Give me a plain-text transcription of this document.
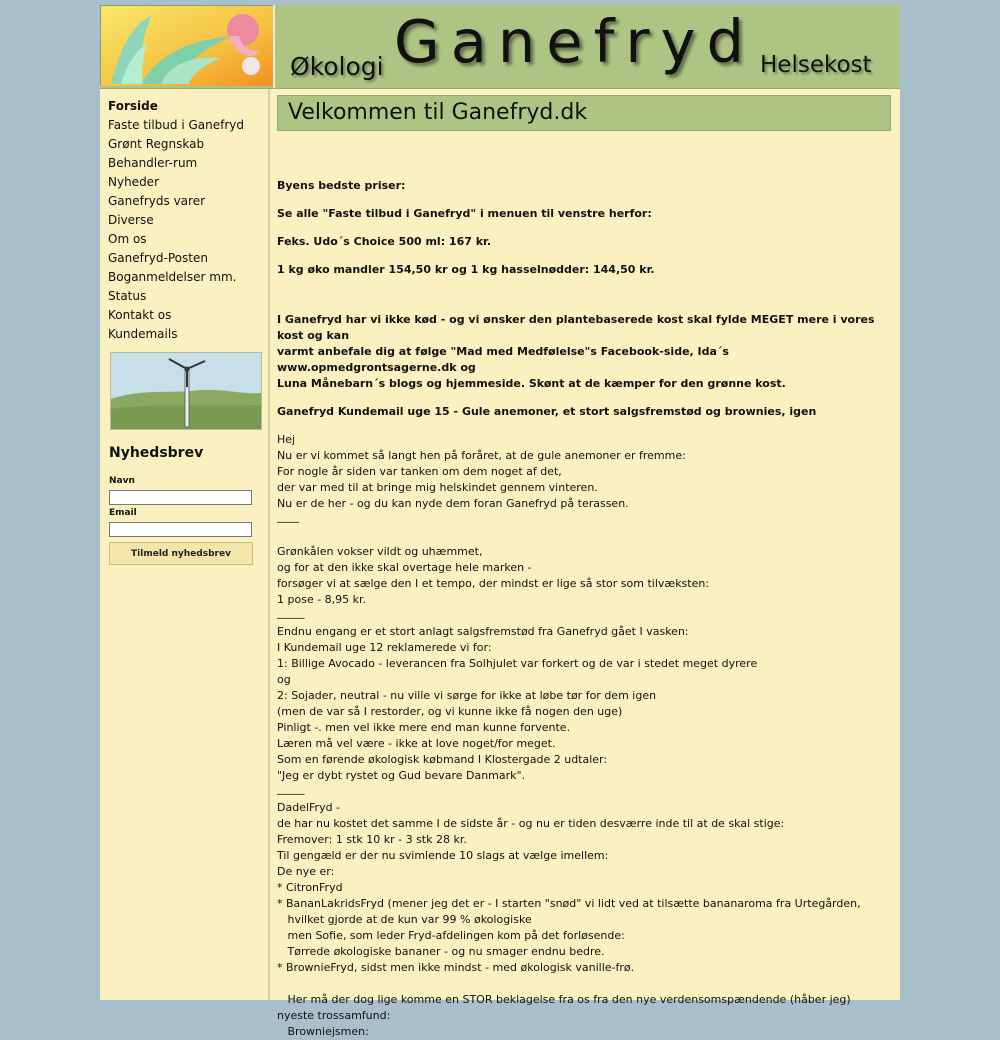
Økologi Ganefryd Helsekost
Forside
Faste tilbud i Ganefryd
Grønt Regnskab
Behandler-rum
Nyheder
Ganefryds varer
Diverse
Om os
Ganefryd-Posten
Boganmeldelser mm.
Status
Kontakt os
Kundemails
Nyhedsbrev
Navn
Email
Tilmeld nyhedsbrev
Velkommen til Ganefryd.dk

Byens bedste priser:

Se alle "Faste tilbud i Ganefryd" i menuen til venstre herfor:

Feks. Udo´s Choice 500 ml: 167 kr.

1 kg øko mandler 154,50 kr og 1 kg hasselnødder: 144,50 kr.

I Ganefryd har vi ikke kød - og vi ønsker den plantebaserede kost skal fylde MEGET mere i vores kost og kan
varmt anbefale dig at følge "Mad med Medfølelse"s Facebook-side, Ida´s www.opmedgrontsagerne.dk og
Luna Månebarn´s blogs og hjemmeside. Skønt at de kæmper for den grønne kost.

Ganefryd Kundemail uge 15 - Gule anemoner, et stort salgsfremstød og brownies, igen

Hej
Nu er vi kommet så langt hen på foråret, at de gule anemoner er fremme:
For nogle år siden var tanken om dem noget af det,
der var med til at bringe mig helskindet gennem vinteren.
Nu er de her - og du kan nyde dem foran Ganefryd på terassen.
____
Grønkålen vokser vildt og uhæmmet,
og for at den ikke skal overtage hele marken -
forsøger vi at sælge den I et tempo, der mindst er lige så stor som tilvæksten:
1 pose - 8,95 kr.
_____
Endnu engang er et stort anlagt salgsfremstød fra Ganefryd gået I vasken:
I Kundemail uge 12 reklamerede vi for:
1: Billige Avocado - leverancen fra Solhjulet var forkert og de var i stedet meget dyrere
og
2: Sojader, neutral - nu ville vi sørge for ikke at løbe tør for dem igen
(men de var så I restorder, og vi kunne ikke få nogen den uge)
Pinligt -. men vel ikke mere end man kunne forvente.
Læren må vel være - ikke at love noget/for meget.
Som en førende økologisk købmand I Klostergade 2 udtaler:
"Jeg er dybt rystet og Gud bevare Danmark".
_____
DadelFryd -
de har nu kostet det samme I de sidste år - og nu er tiden desværre inde til at de skal stige:
Fremover: 1 stk 10 kr - 3 stk 28 kr.
Til gengæld er der nu svimlende 10 slags at vælge imellem:
De nye er:
* CitronFryd
* BananLakridsFryd (mener jeg det er - I starten "snød" vi lidt ved at tilsætte bananaroma fra Urtegården,
hvilket gjorde at de kun var 99 % økologiske
men Sofie, som leder Fryd-afdelingen kom på det forløsende:
Tørrede økologiske bananer - og nu smager endnu bedre.
* BrownieFryd, sidst men ikke mindst - med økologisk vanille-frø.
Her må der dog lige komme en STOR beklagelse fra os fra den nye verdensomspændende (håber jeg)
nyeste trossamfund:
Browniejsmen:
